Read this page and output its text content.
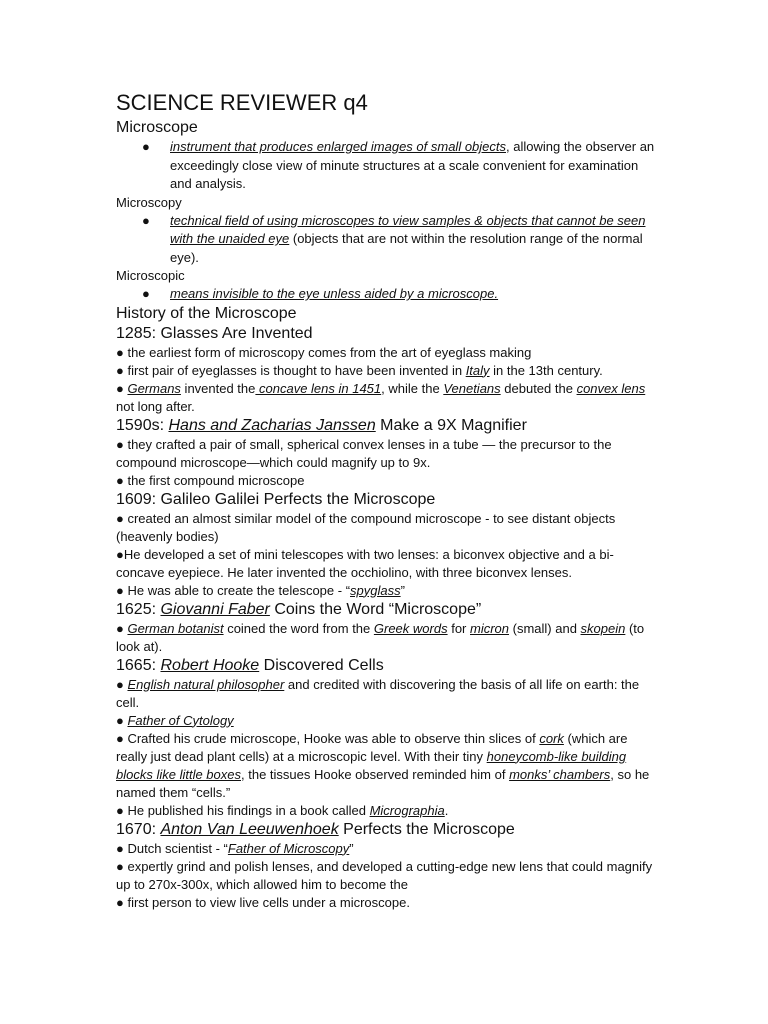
SCIENCE REVIEWER q4
Microscope

● instrument that produces enlarged images of small objects, allowing the observer an exceedingly close view of minute structures at a scale convenient for examination and analysis.

Microscopy

● technical field of using microscopes to view samples & objects that cannot be seen with the unaided eye (objects that are not within the resolution range of the normal eye).

Microscopic

● means invisible to the eye unless aided by a microscope.

History of the Microscope
1285: Glasses Are Invented

● the earliest form of microscopy comes from the art of eyeglass making

● first pair of eyeglasses is thought to have been invented in Italy in the 13th century.

● Germans invented the concave lens in 1451, while the Venetians debuted the convex lens not long after.

1590s: Hans and Zacharias Janssen Make a 9X Magnifier

● they crafted a pair of small, spherical convex lenses in a tube — the precursor to the compound microscope—which could magnify up to 9x.

● the first compound microscope

1609: Galileo Galilei Perfects the Microscope

● created an almost similar model of the compound microscope - to see distant objects (heavenly bodies)

●He developed a set of mini telescopes with two lenses: a biconvex objective and a bi-concave eyepiece. He later invented the occhiolino, with three biconvex lenses.

● He was able to create the telescope - “spyglass”

1625: Giovanni Faber Coins the Word “Microscope”

● German botanist coined the word from the Greek words for micron (small) and skopein (to look at).

1665: Robert Hooke Discovered Cells

● English natural philosopher and credited with discovering the basis of all life on earth: the cell.

● Father of Cytology

● Crafted his crude microscope, Hooke was able to observe thin slices of cork (which are really just dead plant cells) at a microscopic level. With their tiny honeycomb-like building blocks like little boxes, the tissues Hooke observed reminded him of monks’ chambers, so he named them “cells.”

● He published his findings in a book called Micrographia.

1670: Anton Van Leeuwenhoek Perfects the Microscope

● Dutch scientist - “Father of Microscopy”

● expertly grind and polish lenses, and developed a cutting-edge new lens that could magnify up to 270x-300x, which allowed him to become the

● first person to view live cells under a microscope.
